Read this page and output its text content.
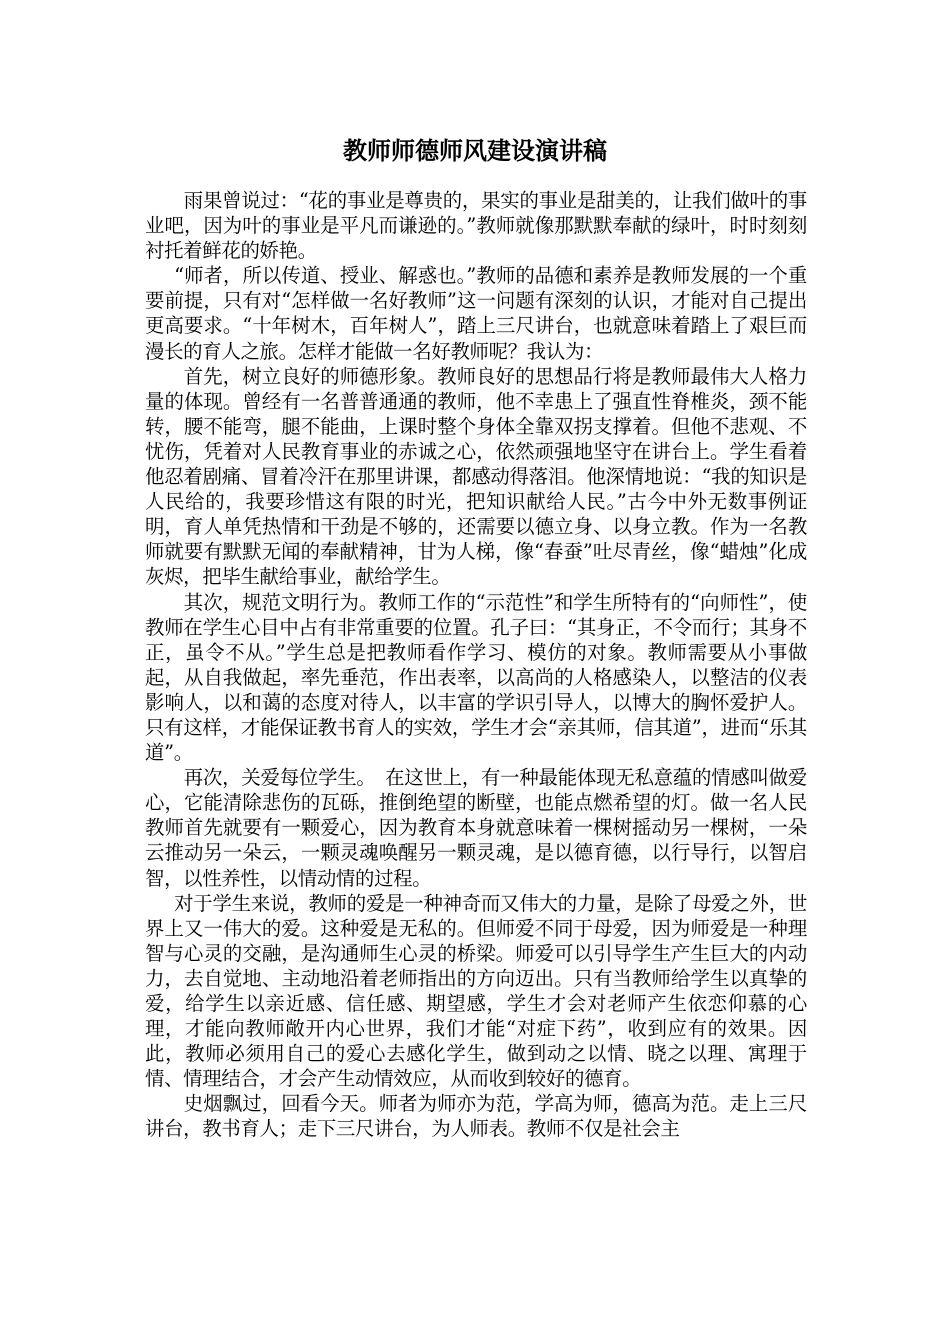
教师师德师风建设演讲稿

雨果曾说过：“花的事业是尊贵的，果实的事业是甜美的，让我们做叶的事业吧，因为叶的事业是平凡而谦逊的。”教师就像那默默奉献的绿叶，时时刻刻衬托着鲜花的娇艳。

“师者，所以传道、授业、解惑也。”教师的品德和素养是教师发展的一个重要前提，只有对“怎样做一名好教师”这一问题有深刻的认识，才能对自己提出更高要求。“十年树木，百年树人”，踏上三尺讲台，也就意味着踏上了艰巨而漫长的育人之旅。怎样才能做一名好教师呢？我认为：

首先，树立良好的师德形象。教师良好的思想品行将是教师最伟大人格力量的体现。曾经有一名普普通通的教师，他不幸患上了强直性脊椎炎，颈不能转，腰不能弯，腿不能曲，上课时整个身体全靠双拐支撑着。但他不悲观、不忧伤，凭着对人民教育事业的赤诚之心，依然顽强地坚守在讲台上。学生看着他忍着剧痛、冒着冷汗在那里讲课，都感动得落泪。他深情地说：“我的知识是人民给的，我要珍惜这有限的时光，把知识献给人民。”古今中外无数事例证明，育人单凭热情和干劲是不够的，还需要以德立身、以身立教。作为一名教师就要有默默无闻的奉献精神，甘为人梯，像“春蚕”吐尽青丝，像“蜡烛”化成灰烬，把毕生献给事业，献给学生。

其次，规范文明行为。教师工作的“示范性”和学生所特有的“向师性”，使教师在学生心目中占有非常重要的位置。孔子曰：“其身正，不令而行；其身不正，虽令不从。”学生总是把教师看作学习、模仿的对象。教师需要从小事做起，从自我做起，率先垂范，作出表率，以高尚的人格感染人，以整洁的仪表影响人，以和蔼的态度对待人，以丰富的学识引导人，以博大的胸怀爱护人。只有这样，才能保证教书育人的实效，学生才会“亲其师，信其道”，进而“乐其道”。

再次，关爱每位学生。　在这世上，有一种最能体现无私意蕴的情感叫做爱心，它能清除悲伤的瓦砾，推倒绝望的断壁，也能点燃希望的灯。做一名人民教师首先就要有一颗爱心，因为教育本身就意味着一棵树摇动另一棵树，一朵云推动另一朵云，一颗灵魂唤醒另一颗灵魂，是以德育德，以行导行，以智启智，以性养性，以情动情的过程。

对于学生来说，教师的爱是一种神奇而又伟大的力量，是除了母爱之外，世界上又一伟大的爱。这种爱是无私的。但师爱不同于母爱，因为师爱是一种理智与心灵的交融，是沟通师生心灵的桥梁。师爱可以引导学生产生巨大的内动力，去自觉地、主动地沿着老师指出的方向迈出。只有当教师给学生以真挚的爱，给学生以亲近感、信任感、期望感，学生才会对老师产生依恋仰慕的心理，才能向教师敞开内心世界，我们才能“对症下药”，收到应有的效果。因此，教师必须用自己的爱心去感化学生，做到动之以情、晓之以理、寓理于情、情理结合，才会产生动情效应，从而收到较好的德育。

史烟飘过，回看今天。师者为师亦为范，学高为师，德高为范。走上三尺讲台，教书育人；走下三尺讲台，为人师表。教师不仅是社会主
